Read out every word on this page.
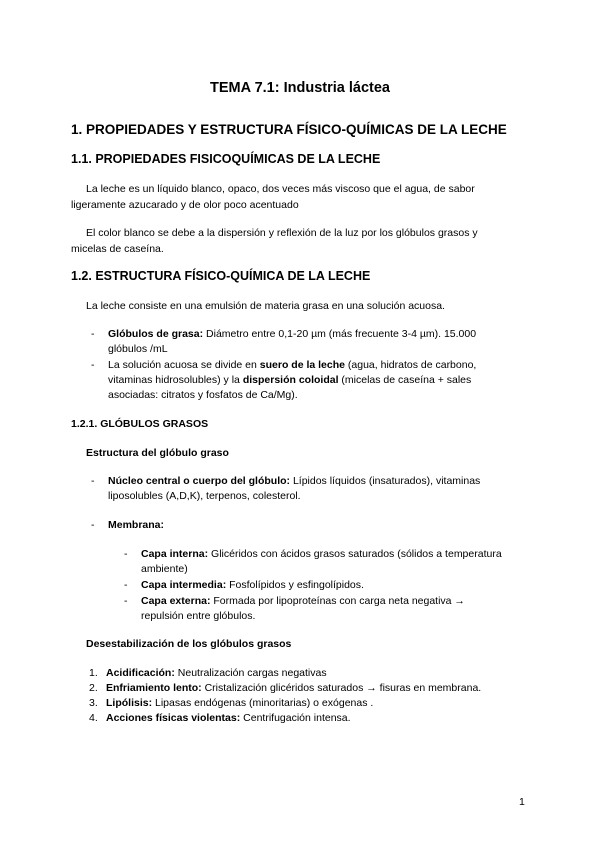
TEMA 7.1: Industria láctea
1. PROPIEDADES Y ESTRUCTURA FÍSICO-QUÍMICAS DE LA LECHE
1.1. PROPIEDADES FISICOQUÍMICAS DE LA LECHE

La leche es un líquido blanco, opaco, dos veces más viscoso que el agua, de sabor
ligeramente azucarado y de olor poco acentuado

El color blanco se debe a la dispersión y reflexión de la luz por los glóbulos grasos y
micelas de caseína.

1.2. ESTRUCTURA FÍSICO-QUÍMICA DE LA LECHE

La leche consiste en una emulsión de materia grasa en una solución acuosa.

- Glóbulos de grasa: Diámetro entre 0,1-20 µm (más frecuente 3-4 µm). 15.000
glóbulos /mL
- La solución acuosa se divide en suero de la leche (agua, hidratos de carbono,
vitaminas hidrosolubles) y la dispersión coloidal (micelas de caseína + sales
asociadas: citratos y fosfatos de Ca/Mg).
1.2.1. GLÓBULOS GRASOS
Estructura del glóbulo graso
- Núcleo central o cuerpo del glóbulo: Lípidos líquidos (insaturados), vitaminas
liposolubles (A,D,K), terpenos, colesterol.
- Membrana:
- Capa interna: Glicéridos con ácidos grasos saturados (sólidos a temperatura
ambiente)
- Capa intermedia: Fosfolípidos y esfingolípidos.
- Capa externa: Formada por lipoproteínas con carga neta negativa →
repulsión entre glóbulos.
Desestabilización de los glóbulos grasos
1. Acidificación: Neutralización cargas negativas
2. Enfriamiento lento: Cristalización glicéridos saturados → fisuras en membrana.
3. Lipólisis: Lipasas endógenas (minoritarias) o exógenas .
4. Acciones físicas violentas: Centrifugación intensa.
1
